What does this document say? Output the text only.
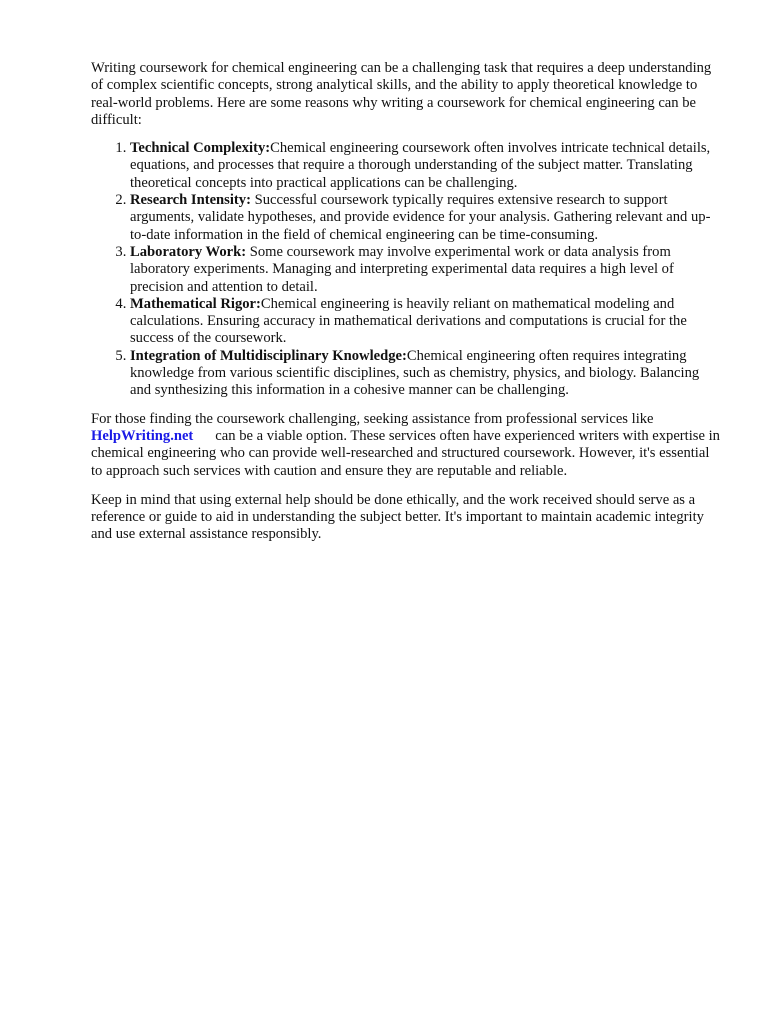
Writing coursework for chemical engineering can be a challenging task that requires a deep understanding of complex scientific concepts, strong analytical skills, and the ability to apply theoretical knowledge to real-world problems. Here are some reasons why writing a coursework for chemical engineering can be difficult:

1. Technical Complexity:Chemical engineering coursework often involves intricate technical details, equations, and processes that require a thorough understanding of the subject matter. Translating theoretical concepts into practical applications can be challenging.
2. Research Intensity: Successful coursework typically requires extensive research to support arguments, validate hypotheses, and provide evidence for your analysis. Gathering relevant and up-to-date information in the field of chemical engineering can be time-consuming.
3. Laboratory Work: Some coursework may involve experimental work or data analysis from laboratory experiments. Managing and interpreting experimental data requires a high level of precision and attention to detail.
4. Mathematical Rigor:Chemical engineering is heavily reliant on mathematical modeling and calculations. Ensuring accuracy in mathematical derivations and computations is crucial for the success of the coursework.
5. Integration of Multidisciplinary Knowledge:Chemical engineering often requires integrating knowledge from various scientific disciplines, such as chemistry, physics, and biology. Balancing and synthesizing this information in a cohesive manner can be challenging.

For those finding the coursework challenging, seeking assistance from professional services like HelpWriting.net can be a viable option. These services often have experienced writers with expertise in chemical engineering who can provide well-researched and structured coursework. However, it's essential to approach such services with caution and ensure they are reputable and reliable.

Keep in mind that using external help should be done ethically, and the work received should serve as a reference or guide to aid in understanding the subject better. It's important to maintain academic integrity and use external assistance responsibly.
